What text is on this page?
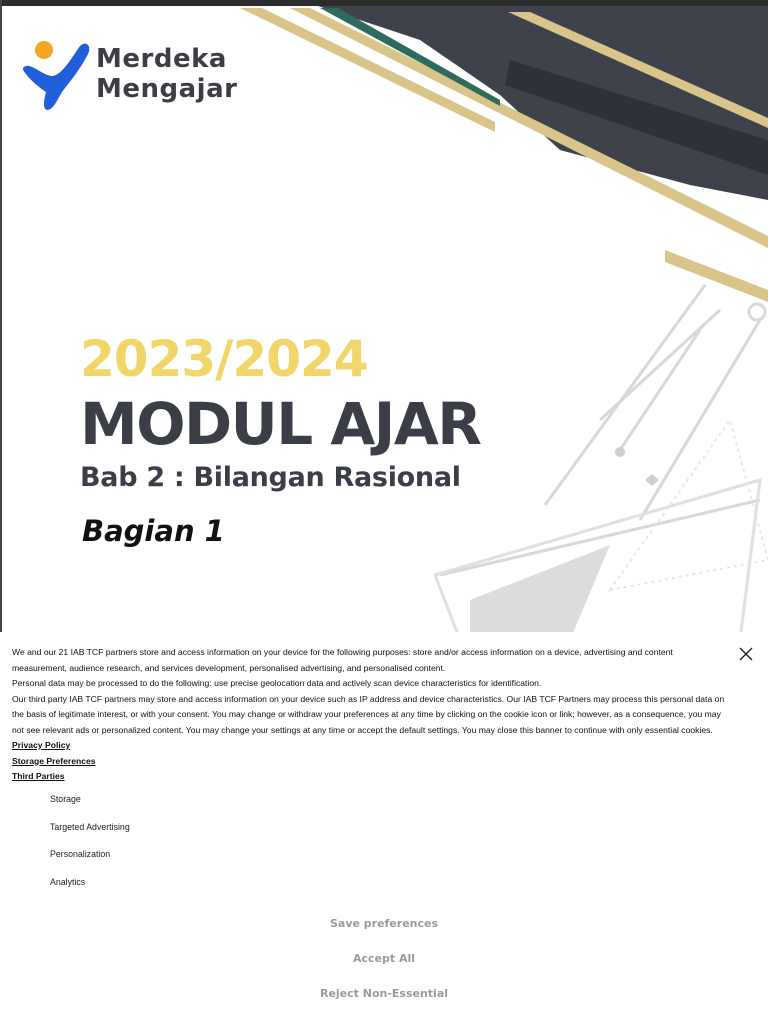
Merdeka
Mengajar
2023/2024
MODUL AJAR
Bab 2 : Bilangan Rasional
Bagian 1

We and our 21 IAB TCF partners store and access information on your device for the following purposes: store and/or access information on a device, advertising and content measurement, audience research, and services development, personalised advertising, and personalised content.

Personal data may be processed to do the following: use precise geolocation data and actively scan device characteristics for identification.

Our third party IAB TCF partners may store and access information on your device such as IP address and device characteristics. Our IAB TCF Partners may process this personal data on the basis of legitimate interest, or with your consent. You may change or withdraw your preferences at any time by clicking on the cookie icon or link; however, as a consequence, you may not see relevant ads or personalized content. You may change your settings at any time or accept the default settings. You may close this banner to continue with only essential cookies. Privacy Policy

Storage Preferences
Third Parties
Storage
Targeted Advertising
Personalization
Analytics
Save preferences
Accept All
Reject Non-Essential
